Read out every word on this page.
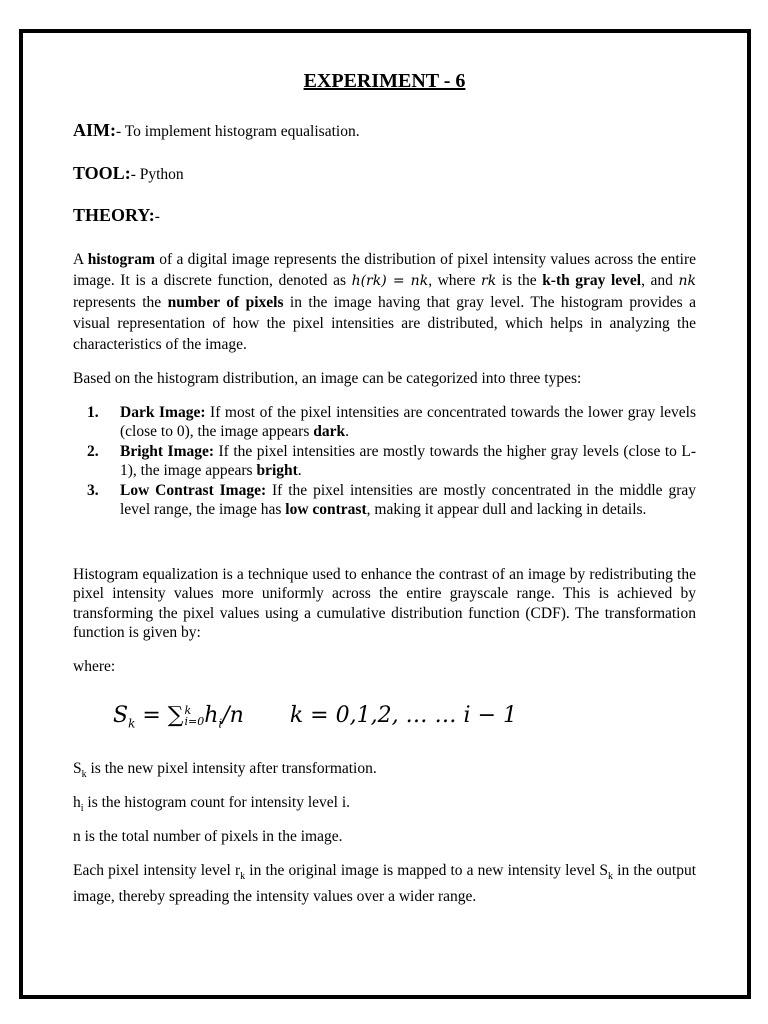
EXPERIMENT - 6
AIM:- To implement histogram equalisation.
TOOL:- Python
THEORY:-

A histogram of a digital image represents the distribution of pixel intensity values across the entire image. It is a discrete function, denoted as h(rk) = nk, where rk is the k-th gray level, and nk represents the number of pixels in the image having that gray level. The histogram provides a visual representation of how the pixel intensities are distributed, which helps in analyzing the characteristics of the image.

Based on the histogram distribution, an image can be categorized into three types:

1. Dark Image: If most of the pixel intensities are concentrated towards the lower gray levels (close to 0), the image appears dark.
2. Bright Image: If the pixel intensities are mostly towards the higher gray levels (close to L-1), the image appears bright.
3. Low Contrast Image: If the pixel intensities are mostly concentrated in the middle gray level range, the image has low contrast, making it appear dull and lacking in details.

Histogram equalization is a technique used to enhance the contrast of an image by redistributing the pixel intensity values more uniformly across the entire grayscale range. This is achieved by transforming the pixel values using a cumulative distribution function (CDF). The transformation function is given by:

where:

$S_k$ is the new pixel intensity after transformation.
$h_i$ is the histogram count for intensity level i.
n is the total number of pixels in the image.

Each pixel intensity level $r_k$ in the original image is mapped to a new intensity level $S_k$ in the output image, thereby spreading the intensity values over a wider range.

$S_k$ = ∑ k
i=0 $h_i/n$ k = 0,1,2, … … i − 1
